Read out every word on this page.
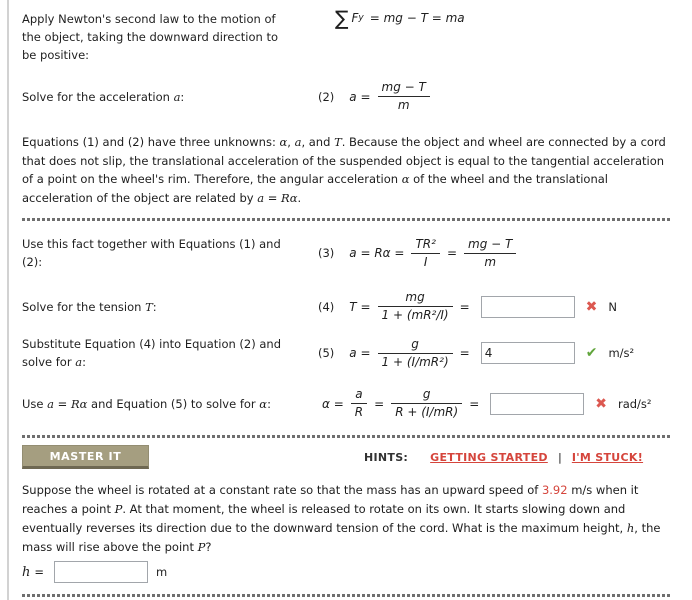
Apply Newton's second law to the motion of the object, taking the downward direction to be positive:
∑ F y = mg − T = ma
Solve for the acceleration a:	(2) $a = \frac{mg - T}{m}$

Equations (1) and (2) have three unknowns: α, a, and T. Because the object and wheel are connected by a cord that does not slip, the translational acceleration of the suspended object is equal to the tangential acceleration of a point on the wheel's rim. Therefore, the angular acceleration α of the wheel and the translational acceleration of the object are related by a = Rα.

Use this fact together with Equations (1) and (2):
(3) $a = R\alpha = \frac{\text{TR²}}{I} = \frac{mg - T}{m}$
Solve for the tension T:	(4) $T = \frac{mg}{\text{1 + (mR²/I)}}$ =	✖ N
Substitute Equation (4) into Equation (2) and solve for a:
(5) $a = \frac{g}{\text{1 + (I/mR²)}}$ =
4	✔ m/s²
Use a = Rα and Equation (5) to solve for α:	$\alpha = \frac{a}{R} = \frac{g}{R + (I/mR)}$ =	✖ rad/s²
MASTER IT	HINTS: GETTING STARTED | I'M STUCK!

Suppose the wheel is rotated at a constant rate so that the mass has an upward speed of 3.92 m/s when it reaches a point P. At that moment, the wheel is released to rotate on its own. It starts slowing down and eventually reverses its direction due to the downward tension of the cord. What is the maximum height, h, the mass will rise above the point P?

h =	m
